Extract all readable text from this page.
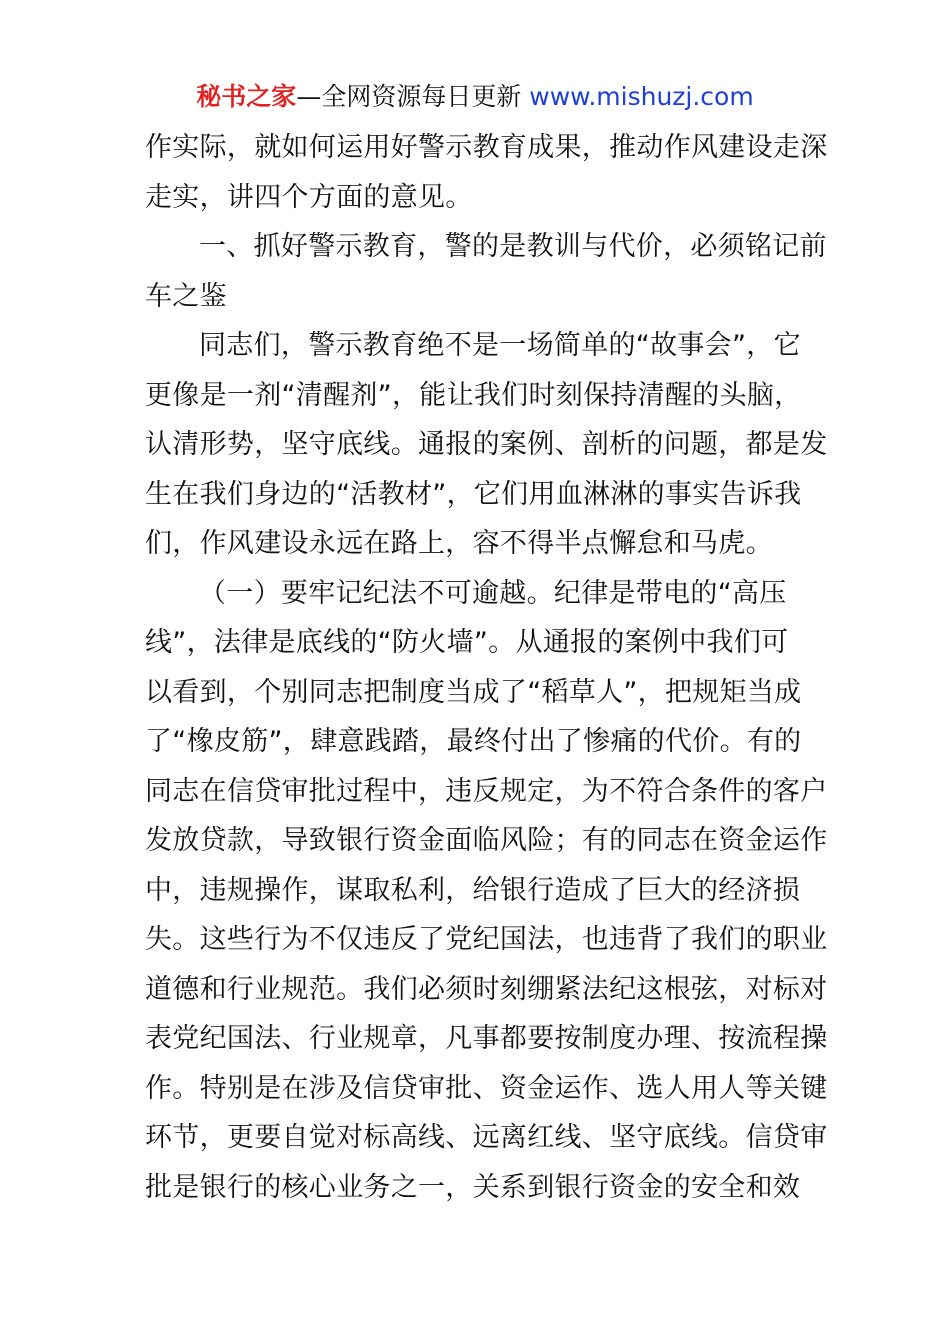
秘书之家—全网资源每日更新 www.mishuzj.com
作实际，就如何运用好警示教育成果，推动作风建设走深
走实，讲四个方面的意见。
一、抓好警示教育，警的是教训与代价，必须铭记前
车之鉴
同志们，警示教育绝不是一场简单的“故事会”，它
更像是一剂“清醒剂”，能让我们时刻保持清醒的头脑，
认清形势，坚守底线。通报的案例、剖析的问题，都是发
生在我们身边的“活教材”，它们用血淋淋的事实告诉我
们，作风建设永远在路上，容不得半点懈怠和马虎。
（一）要牢记纪法不可逾越。纪律是带电的“高压
线”，法律是底线的“防火墙”。从通报的案例中我们可
以看到，个别同志把制度当成了“稻草人”，把规矩当成
了“橡皮筋”，肆意践踏，最终付出了惨痛的代价。有的
同志在信贷审批过程中，违反规定，为不符合条件的客户
发放贷款，导致银行资金面临风险；有的同志在资金运作
中，违规操作，谋取私利，给银行造成了巨大的经济损
失。这些行为不仅违反了党纪国法，也违背了我们的职业
道德和行业规范。我们必须时刻绷紧法纪这根弦，对标对
表党纪国法、行业规章，凡事都要按制度办理、按流程操
作。特别是在涉及信贷审批、资金运作、选人用人等关键
环节，更要自觉对标高线、远离红线、坚守底线。信贷审
批是银行的核心业务之一，关系到银行资金的安全和效
